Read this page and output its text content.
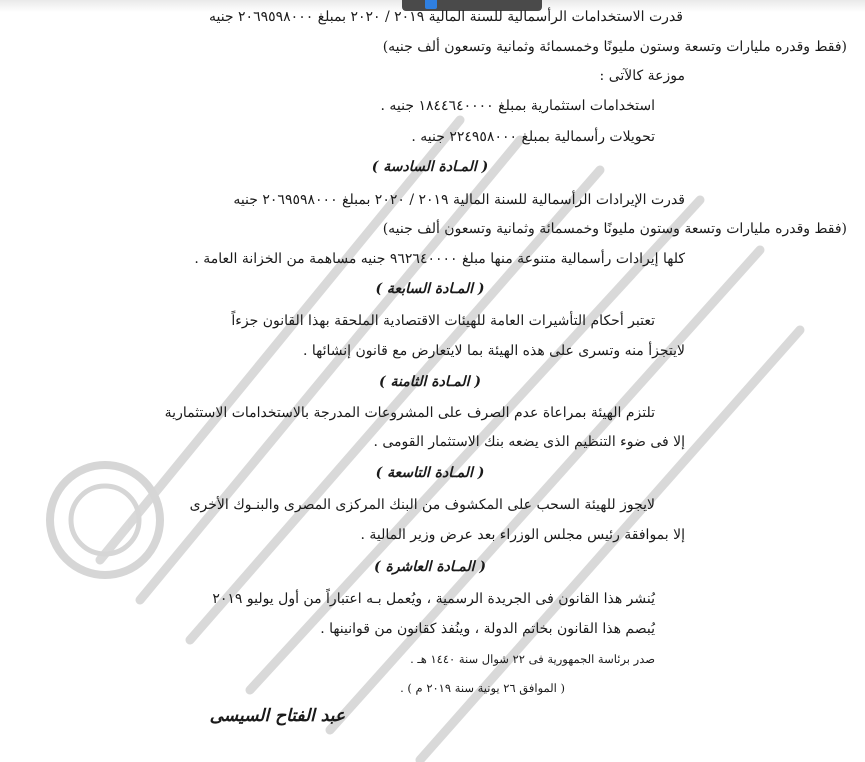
قدرت الاستخدامات الرأسمالية للسنة المالية ٢٠١٩ / ٢٠٢٠ بمبلغ ٢٠٦٩٥٩٨٠٠٠ جنيه
(فقط وقدره مليارات وتسعة وستون مليونًا وخمسمائة وثمانية وتسعون ألف جنيه)
موزعة كالآتى :
استخدامات استثمارية بمبلغ ١٨٤٤٦٤٠٠٠٠ جنيه .
تحويلات رأسمالية بمبلغ ٢٢٤٩٥٨٠٠٠ جنيه .
( المـادة السادسة )
قدرت الإيرادات الرأسمالية للسنة المالية ٢٠١٩ / ٢٠٢٠ بمبلغ ٢٠٦٩٥٩٨٠٠٠ جنيه
(فقط وقدره مليارات وتسعة وستون مليونًا وخمسمائة وثمانية وتسعون ألف جنيه)
كلها إيرادات رأسمالية متنوعة منها مبلغ ٩٦٢٦٤٠٠٠٠ جنيه مساهمة من الخزانة العامة .
( المـادة السابعة )
تعتبر أحكام التأشيرات العامة للهيئات الاقتصادية الملحقة بهذا القانون جزءاً
لايتجزأ منه وتسرى على هذه الهيئة بما لايتعارض مع قانون إنشائها .
( المـادة الثامنة )
تلتزم الهيئة بمراعاة عدم الصرف على المشروعات المدرجة بالاستخدامات الاستثمارية
إلا فى ضوء التنظيم الذى يضعه بنك الاستثمار القومى .
( المـادة التاسعة )
لايجوز للهيئة السحب على المكشوف من البنك المركزى المصرى والبنـوك الأخرى
إلا بموافقة رئيس مجلس الوزراء بعد عرض وزير المالية .
( المـادة العاشرة )
يُنشر هذا القانون فى الجريدة الرسمية ، ويُعمل بـه اعتباراً من أول يوليو ٢٠١٩
يُبصم هذا القانون بخاتم الدولة ، وينُفذ كقانون من قوانينها .
صدر برئاسة الجمهورية فى ٢٢ شوال سنة ١٤٤٠ هـ .
( الموافق ٢٦ يونية سنة ٢٠١٩ م ) .
عبد الفتاح السيسى
